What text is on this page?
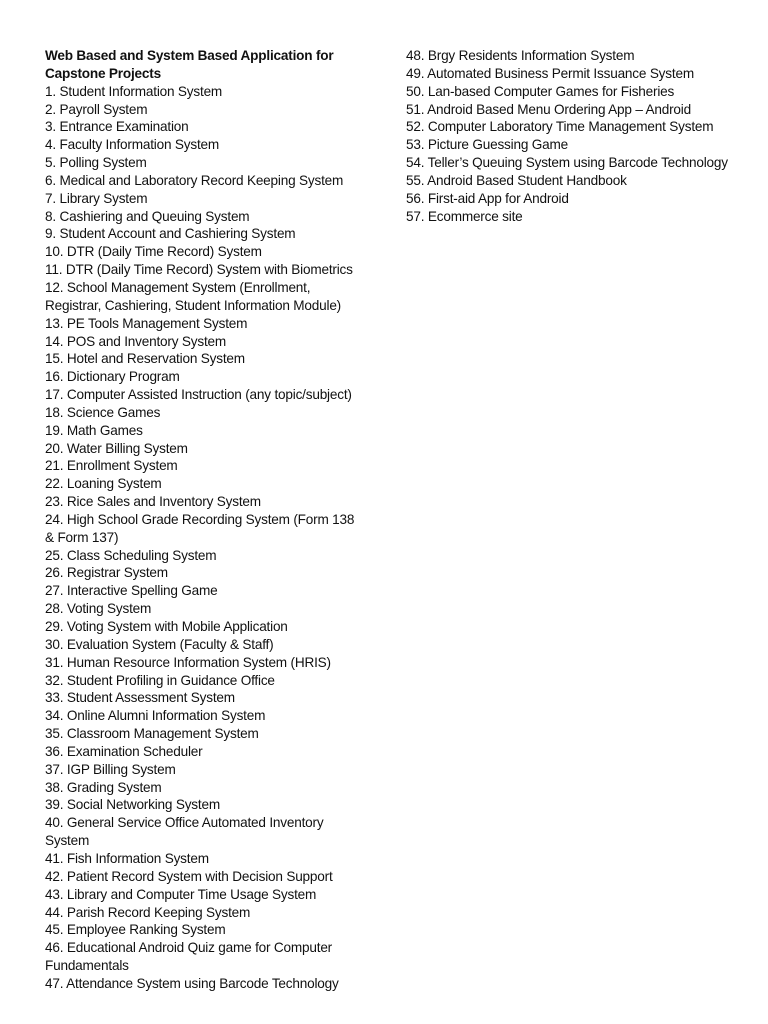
Web Based and System Based Application for Capstone Projects

1. Student Information System
2. Payroll System
3. Entrance Examination
4. Faculty Information System
5. Polling System
6. Medical and Laboratory Record Keeping System
7. Library System
8. Cashiering and Queuing System
9. Student Account and Cashiering System
10. DTR (Daily Time Record) System
11. DTR (Daily Time Record) System with Biometrics
12. School Management System (Enrollment, Registrar, Cashiering, Student Information Module)
13. PE Tools Management System
14. POS and Inventory System
15. Hotel and Reservation System
16. Dictionary Program
17. Computer Assisted Instruction (any topic/subject)
18. Science Games
19. Math Games
20. Water Billing System
21. Enrollment System
22. Loaning System
23. Rice Sales and Inventory System
24. High School Grade Recording System (Form 138 & Form 137)
25. Class Scheduling System
26. Registrar System
27. Interactive Spelling Game
28. Voting System
29. Voting System with Mobile Application
30. Evaluation System (Faculty & Staff)
31. Human Resource Information System (HRIS)
32. Student Profiling in Guidance Office
33. Student Assessment System
34. Online Alumni Information System
35. Classroom Management System
36. Examination Scheduler
37. IGP Billing System
38. Grading System
39. Social Networking System
40. General Service Office Automated Inventory System
41. Fish Information System
42. Patient Record System with Decision Support
43. Library and Computer Time Usage System
44. Parish Record Keeping System
45. Employee Ranking System
46. Educational Android Quiz game for Computer Fundamentals
47. Attendance System using Barcode Technology
48. Brgy Residents Information System
49. Automated Business Permit Issuance System
50. Lan-based Computer Games for Fisheries
51. Android Based Menu Ordering App – Android
52. Computer Laboratory Time Management System
53. Picture Guessing Game
54. Teller’s Queuing System using Barcode Technology
55. Android Based Student Handbook
56. First-aid App for Android
57. Ecommerce site
